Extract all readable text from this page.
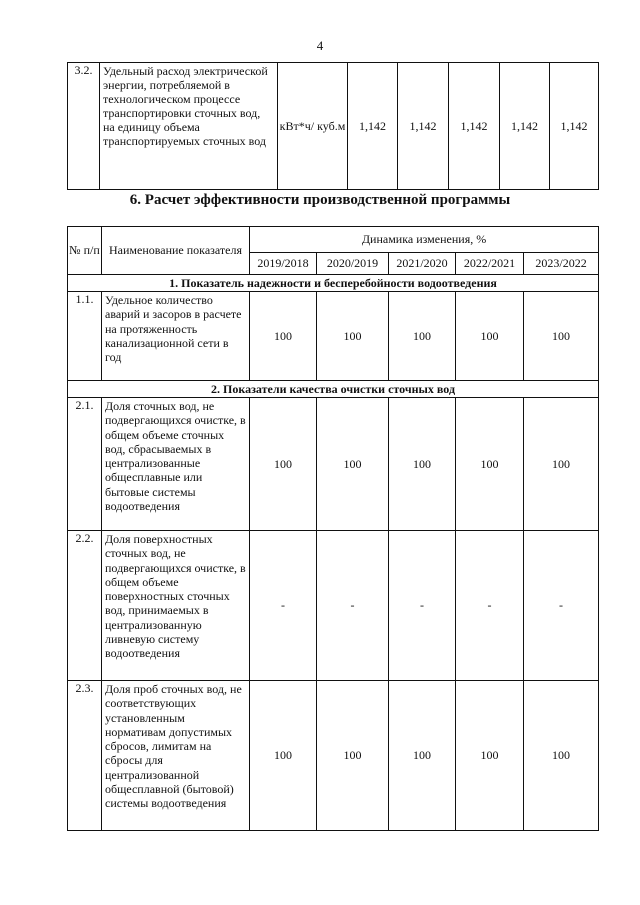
4
3.2.	Удельный расход электрической энергии, потребляемой в технологическом процессе транспортировки сточных вод, на единицу объема транспортируемых сточных вод	кВт*ч/ куб.м	1,142	1,142	1,142	1,142	1,142
6. Расчет эффективности производственной программы
№ п/п	Наименование показателя	Динамика изменения, %				
		2019/2018	2020/2019	2021/2020	2022/2021	2023/2022
1. Показатель надежности и бесперебойности водоотведения						
1.1.	Удельное количество аварий и засоров в расчете на протяженность канализационной сети в год	100	100	100	100	100
2. Показатели качества очистки сточных вод						
2.1.	Доля сточных вод, не подвергающихся очистке, в общем объеме сточных вод, сбрасываемых в централизованные общесплавные или бытовые системы водоотведения	100	100	100	100	100
2.2.	Доля поверхностных сточных вод, не подвергающихся очистке, в общем объеме поверхностных сточных вод, принимаемых в централизованную ливневую систему водоотведения	-	-	-	-	-
2.3.	Доля проб сточных вод, не соответствующих установленным нормативам допустимых сбросов, лимитам на сбросы для централизованной общесплавной (бытовой) системы водоотведения	100	100	100	100	100
